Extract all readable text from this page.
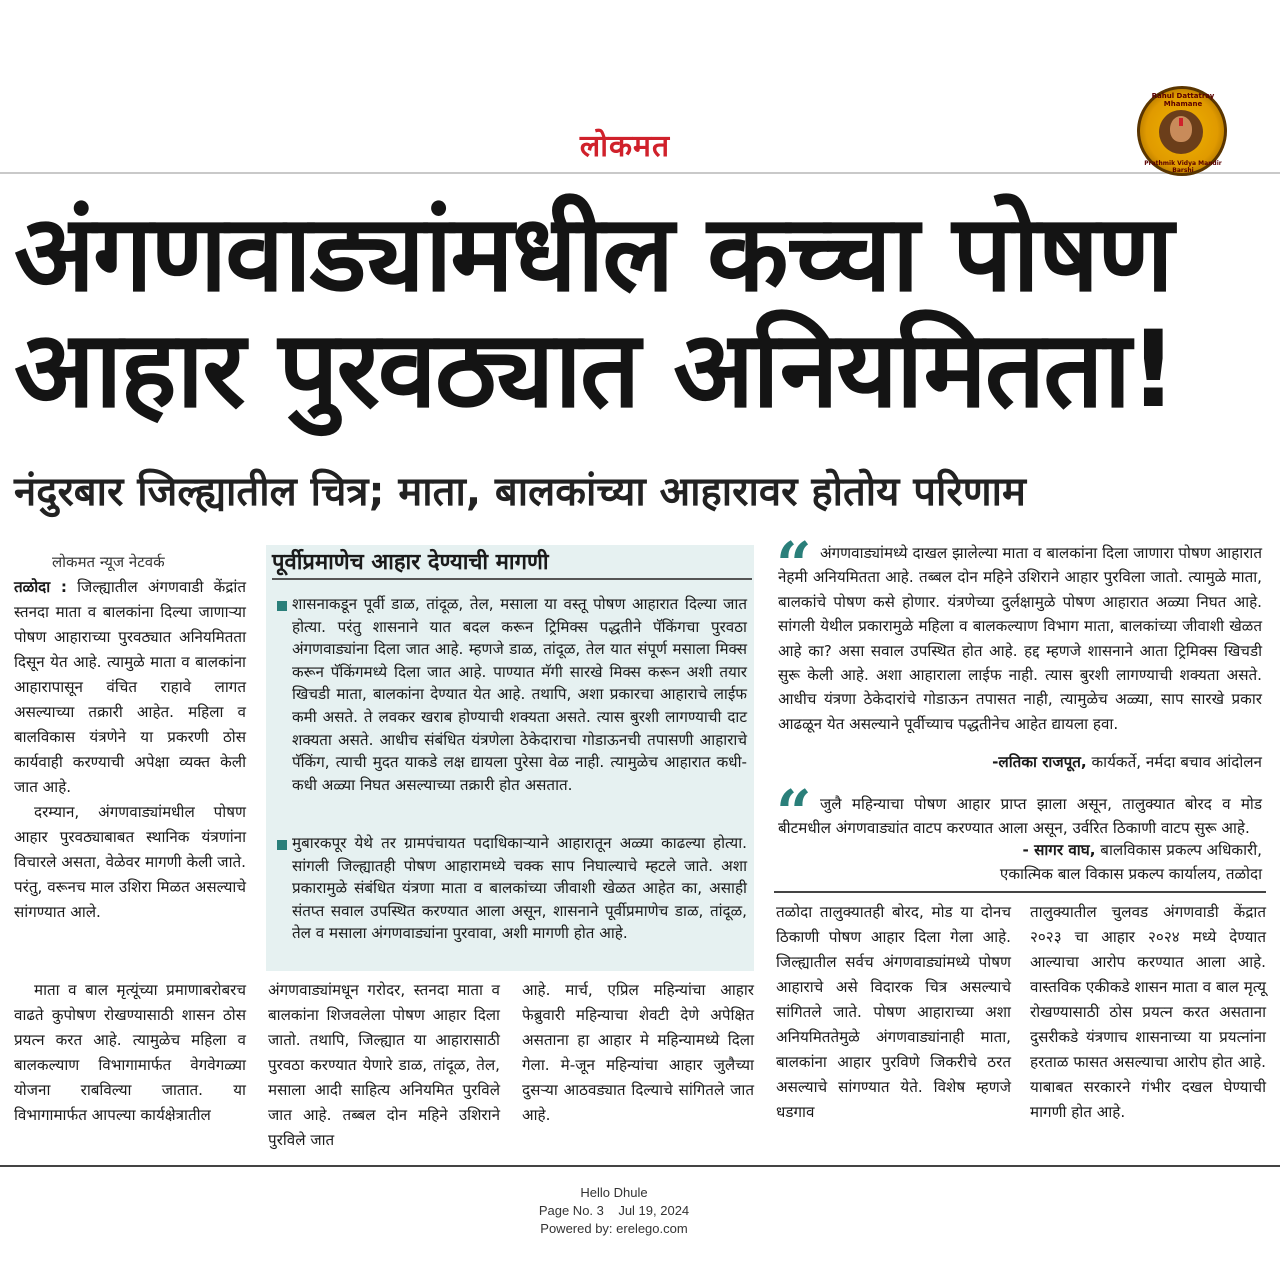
लोकमत
Rahul Dattatray Mhamane
Prathmik Vidya Mandir Barshi
अंगणवाड्यांमधील कच्चा पोषण
आहार पुरवठ्यात अनियमितता!
नंदुरबार जिल्ह्यातील चित्र; माता, बालकांच्या आहारावर होतोय परिणाम
लोकमत न्यूज नेटवर्क
तळोदा : जिल्ह्यातील अंगणवाडी केंद्रांत स्तनदा माता व बालकांना दिल्या जाणाऱ्या पोषण आहाराच्या पुरवठ्यात अनियमितता दिसून येत आहे. त्यामुळे माता व बालकांना आहारापासून वंचित राहावे लागत असल्याच्या तक्रारी आहेत. महिला व बालविकास यंत्रणेने या प्रकरणी ठोस कार्यवाही करण्याची अपेक्षा व्यक्त केली जात आहे.
दरम्यान, अंगणवाड्यांमधील पोषण आहार पुरवठ्याबाबत स्थानिक यंत्रणांना विचारले असता, वेळेवर मागणी केली जाते. परंतु, वरूनच माल उशिरा मिळत असल्याचे सांगण्यात आले.
माता व बाल मृत्यूंच्या प्रमाणाबरोबरच वाढते कुपोषण रोखण्यासाठी शासन ठोस प्रयत्न करत आहे. त्यामुळेच महिला व बालकल्याण विभागामार्फत वेगवेगळ्या योजना राबविल्या जातात. या विभागामार्फत आपल्या कार्यक्षेत्रातील
पूर्वीप्रमाणेच आहार देण्याची मागणी
शासनाकडून पूर्वी डाळ, तांदूळ, तेल, मसाला या वस्तू पोषण आहारात दिल्या जात होत्या. परंतु शासनाने यात बदल करून ट्रिमिक्स पद्धतीने पॅकिंगचा पुरवठा अंगणवाड्यांना दिला जात आहे. म्हणजे डाळ, तांदूळ, तेल यात संपूर्ण मसाला मिक्स करून पॅकिंगमध्ये दिला जात आहे. पाण्यात मॅगी सारखे मिक्स करून अशी तयार खिचडी माता, बालकांना देण्यात येत आहे. तथापि, अशा प्रकारचा आहाराचे लाईफ कमी असते. ते लवकर खराब होण्याची शक्यता असते. त्यास बुरशी लागण्याची दाट शक्यता असते. आधीच संबंधित यंत्रणेला ठेकेदाराचा गोडाऊनची तपासणी आहाराचे पॅकिंग, त्याची मुदत याकडे लक्ष द्यायला पुरेसा वेळ नाही. त्यामुळेच आहारात कधी-कधी अळ्या निघत असल्याच्या तक्रारी होत असतात.
मुबारकपूर येथे तर ग्रामपंचायत पदाधिकाऱ्याने आहारातून अळ्या काढल्या होत्या. सांगली जिल्ह्यातही पोषण आहारामध्ये चक्क साप निघाल्याचे म्हटले जाते. अशा प्रकारामुळे संबंधित यंत्रणा माता व बालकांच्या जीवाशी खेळत आहेत का, असाही संतप्त सवाल उपस्थित करण्यात आला असून, शासनाने पूर्वीप्रमाणेच डाळ, तांदूळ, तेल व मसाला अंगणवाड्यांना पुरवावा, अशी मागणी होत आहे.
अंगणवाड्यांमधून गरोदर, स्तनदा माता व बालकांना शिजवलेला पोषण आहार दिला जातो. तथापि, जिल्ह्यात या आहारासाठी पुरवठा करण्यात येणारे डाळ, तांदूळ, तेल, मसाला आदी साहित्य अनियमित पुरविले जात आहे. तब्बल दोन महिने उशिराने पुरविले जात
आहे. मार्च, एप्रिल महिन्यांचा आहार फेब्रुवारी महिन्याचा शेवटी देणे अपेक्षित असताना हा आहार मे महिन्यामध्ये दिला गेला. मे-जून महिन्यांचा आहार जुलैच्या दुसऱ्या आठवड्यात दिल्याचे सांगितले जात आहे.
“ अंगणवाड्यांमध्ये दाखल झालेल्या माता व बालकांना दिला जाणारा पोषण आहारात नेहमी अनियमितता आहे. तब्बल दोन महिने उशिराने आहार पुरविला जातो. त्यामुळे माता, बालकांचे पोषण कसे होणार. यंत्रणेच्या दुर्लक्षामुळे पोषण आहारात अळ्या निघत आहे. सांगली येथील प्रकारामुळे महिला व बालकल्याण विभाग माता, बालकांच्या जीवाशी खेळत आहे का? असा सवाल उपस्थित होत आहे. हद्द म्हणजे शासनाने आता ट्रिमिक्स खिचडी सुरू केली आहे. अशा आहाराला लाईफ नाही. त्यास बुरशी लागण्याची शक्यता असते. आधीच यंत्रणा ठेकेदारांचे गोडाऊन तपासत नाही, त्यामुळेच अळ्या, साप सारखे प्रकार आढळून येत असल्याने पूर्वीच्याच पद्धतीनेच आहेत द्यायला हवा.
-लतिका राजपूत, कार्यकर्ते, नर्मदा बचाव आंदोलन
“ जुलै महिन्याचा पोषण आहार प्राप्त झाला असून, तालुक्यात बोरद व मोड बीटमधील अंगणवाड्यांत वाटप करण्यात आला असून, उर्वरित ठिकाणी वाटप सुरू आहे.
- सागर वाघ, बालविकास प्रकल्प अधिकारी,
एकात्मिक बाल विकास प्रकल्प कार्यालय, तळोदा
तळोदा तालुक्यातही बोरद, मोड या दोनच ठिकाणी पोषण आहार दिला गेला आहे. जिल्ह्यातील सर्वच अंगणवाड्यांमध्ये पोषण आहाराचे असे विदारक चित्र असल्याचे सांगितले जाते. पोषण आहाराच्या अशा अनियमिततेमुळे अंगणवाड्यांनाही माता, बालकांना आहार पुरविणे जिकरीचे ठरत असल्याचे सांगण्यात येते. विशेष म्हणजे धडगाव
तालुक्यातील चुलवड अंगणवाडी केंद्रात २०२३ चा आहार २०२४ मध्ये देण्यात आल्याचा आरोप करण्यात आला आहे. वास्तविक एकीकडे शासन माता व बाल मृत्यू रोखण्यासाठी ठोस प्रयत्न करत असताना दुसरीकडे यंत्रणाच शासनाच्या या प्रयत्नांना हरताळ फासत असल्याचा आरोप होत आहे. याबाबत सरकारने गंभीर दखल घेण्याची मागणी होत आहे.
Hello Dhule
Page No. 3 Jul 19, 2024
Powered by: erelego.com
